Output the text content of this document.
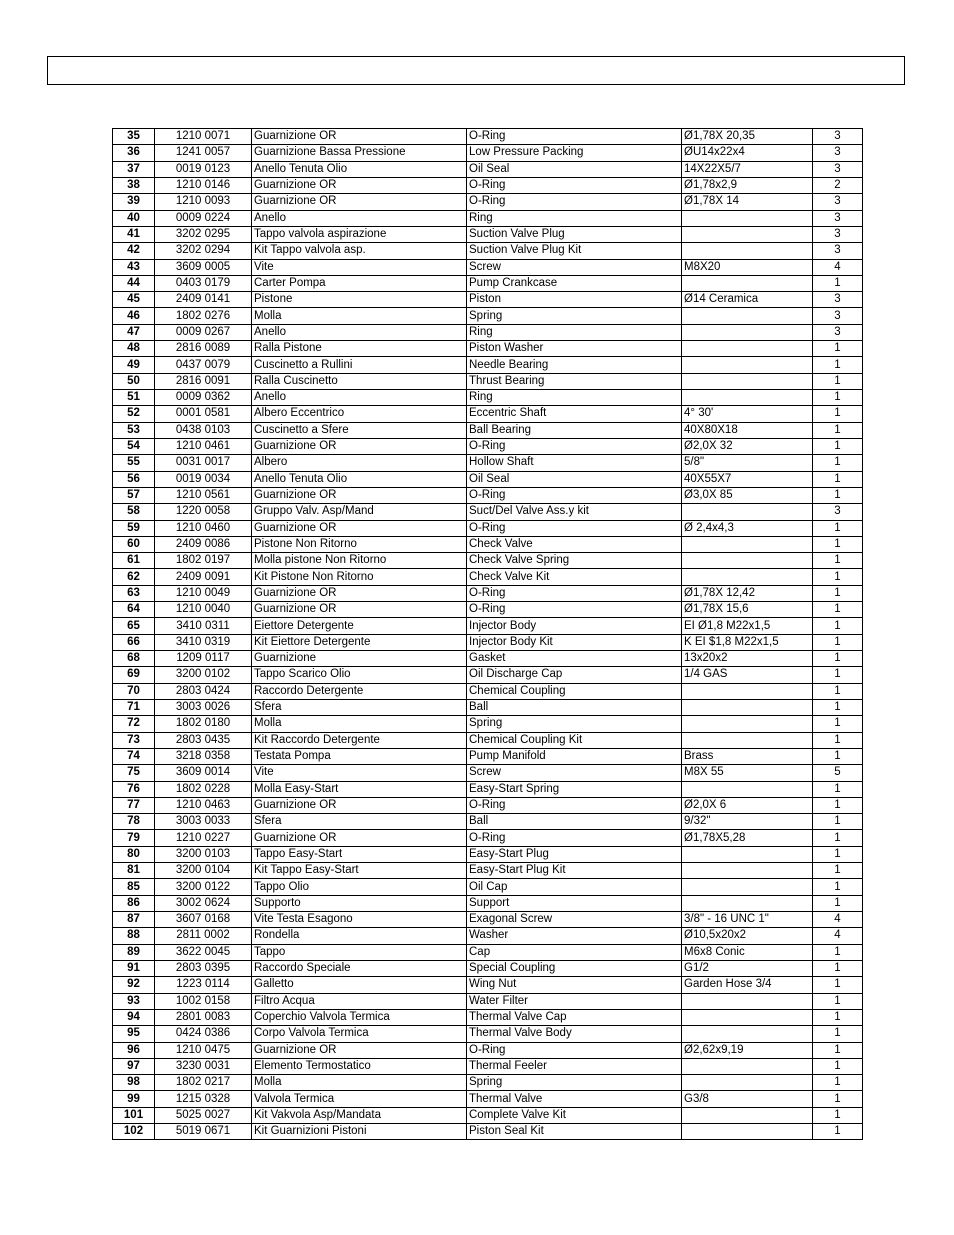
35	1210 0071	Guarnizione OR	O-Ring	Ø1,78X 20,35	3
36	1241 0057	Guarnizione Bassa Pressione	Low Pressure Packing	ØU14x22x4	3
37	0019 0123	Anello Tenuta Olio	Oil Seal	14X22X5/7	3
38	1210 0146	Guarnizione OR	O-Ring	Ø1,78x2,9	2
39	1210 0093	Guarnizione OR	O-Ring	Ø1,78X 14	3
40	0009 0224	Anello	Ring		3
41	3202 0295	Tappo valvola aspirazione	Suction Valve Plug		3
42	3202 0294	Kit Tappo valvola asp.	Suction Valve Plug Kit		3
43	3609 0005	Vite	Screw	M8X20	4
44	0403 0179	Carter Pompa	Pump Crankcase		1
45	2409 0141	Pistone	Piston	Ø14 Ceramica	3
46	1802 0276	Molla	Spring		3
47	0009 0267	Anello	Ring		3
48	2816 0089	Ralla Pistone	Piston Washer		1
49	0437 0079	Cuscinetto a Rullini	Needle Bearing		1
50	2816 0091	Ralla Cuscinetto	Thrust Bearing		1
51	0009 0362	Anello	Ring		1
52	0001 0581	Albero Eccentrico	Eccentric Shaft	4° 30'	1
53	0438 0103	Cuscinetto a Sfere	Ball Bearing	40X80X18	1
54	1210 0461	Guarnizione OR	O-Ring	Ø2,0X 32	1
55	0031 0017	Albero	Hollow Shaft	5/8"	1
56	0019 0034	Anello Tenuta Olio	Oil Seal	40X55X7	1
57	1210 0561	Guarnizione OR	O-Ring	Ø3,0X 85	1
58	1220 0058	Gruppo Valv. Asp/Mand	Suct/Del Valve Ass.y kit		3
59	1210 0460	Guarnizione OR	O-Ring	Ø 2,4x4,3	1
60	2409 0086	Pistone Non Ritorno	Check Valve		1
61	1802 0197	Molla pistone Non Ritorno	Check Valve Spring		1
62	2409 0091	Kit Pistone Non Ritorno	Check Valve Kit		1
63	1210 0049	Guarnizione OR	O-Ring	Ø1,78X 12,42	1
64	1210 0040	Guarnizione OR	O-Ring	Ø1,78X 15,6	1
65	3410 0311	Eiettore Detergente	Injector Body	EI Ø1,8 M22x1,5	1
66	3410 0319	Kit Eiettore Detergente	Injector Body Kit	K EI $1,8 M22x1,5	1
68	1209 0117	Guarnizione	Gasket	13x20x2	1
69	3200 0102	Tappo Scarico Olio	Oil Discharge Cap	1/4 GAS	1
70	2803 0424	Raccordo Detergente	Chemical Coupling		1
71	3003 0026	Sfera	Ball		1
72	1802 0180	Molla	Spring		1
73	2803 0435	Kit Raccordo Detergente	Chemical Coupling Kit		1
74	3218 0358	Testata Pompa	Pump Manifold	Brass	1
75	3609 0014	Vite	Screw	M8X 55	5
76	1802 0228	Molla Easy-Start	Easy-Start Spring		1
77	1210 0463	Guarnizione OR	O-Ring	Ø2,0X 6	1
78	3003 0033	Sfera	Ball	9/32"	1
79	1210 0227	Guarnizione OR	O-Ring	Ø1,78X5,28	1
80	3200 0103	Tappo Easy-Start	Easy-Start Plug		1
81	3200 0104	Kit Tappo Easy-Start	Easy-Start Plug Kit		1
85	3200 0122	Tappo Olio	Oil Cap		1
86	3002 0624	Supporto	Support		1
87	3607 0168	Vite Testa Esagono	Exagonal Screw	3/8" - 16 UNC 1"	4
88	2811 0002	Rondella	Washer	Ø10,5x20x2	4
89	3622 0045	Tappo	Cap	M6x8 Conic	1
91	2803 0395	Raccordo Speciale	Special Coupling	G1/2	1
92	1223 0114	Galletto	Wing Nut	Garden Hose 3/4	1
93	1002 0158	Filtro Acqua	Water Filter		1
94	2801 0083	Coperchio Valvola Termica	Thermal Valve Cap		1
95	0424 0386	Corpo Valvola Termica	Thermal Valve Body		1
96	1210 0475	Guarnizione OR	O-Ring	Ø2,62x9,19	1
97	3230 0031	Elemento Termostatico	Thermal Feeler		1
98	1802 0217	Molla	Spring		1
99	1215 0328	Valvola Termica	Thermal Valve	G3/8	1
101	5025 0027	Kit Vakvola Asp/Mandata	Complete Valve Kit		1
102	5019 0671	Kit Guarnizioni Pistoni	Piston Seal Kit		1
